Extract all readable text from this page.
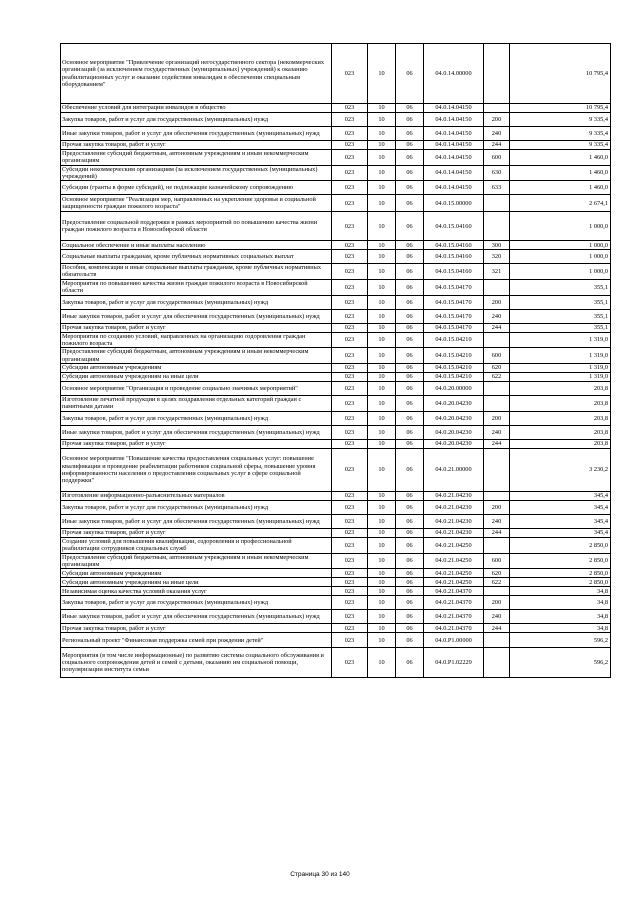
Основное мероприятие "Привлечение организаций негосударственного сектора (некоммерческих организаций (за исключением государственных (муниципальных) учреждений) к оказанию реабилитационных услуг и оказание содействия инвалидам в обеспечении специальным оборудованием"	023	10	06	04.0.14.00000		10 795,4
Обеспечение условий для интеграции инвалидов в общество	023	10	06	04.0.14.04150		10 795,4
Закупка товаров, работ и услуг для государственных (муниципальных) нужд	023	10	06	04.0.14.04150	200	9 335,4
Иные закупки товаров, работ и услуг для обеспечения государственных (муниципальных) нужд	023	10	06	04.0.14.04150	240	9 335,4
Прочая закупка товаров, работ и услуг	023	10	06	04.0.14.04150	244	9 335,4
Предоставление субсидий бюджетным, автономным учреждениям и иным некоммерческим организациям	023	10	06	04.0.14.04150	600	1 460,0
Субсидии некоммерческим организациям (за исключением государственных (муниципальных) учреждений)	023	10	06	04.0.14.04150	630	1 460,0
Субсидии (гранты в форме субсидий), не подлежащие казначейскому сопровождению	023	10	06	04.0.14.04150	633	1 460,0
Основное мероприятие "Реализация мер, направленных на укрепление здоровья и социальной защищенности граждан пожилого возраста"	023	10	06	04.0.15.00000		2 674,1
Предоставление социальной поддержки в рамках мероприятий по повышению качества жизни граждан пожилого возраста в Новосибирской области	023	10	06	04.0.15.04160		1 000,0
Социальное обеспечение и иные выплаты населению	023	10	06	04.0.15.04160	300	1 000,0
Социальные выплаты гражданам, кроме публичных нормативных социальных выплат	023	10	06	04.0.15.04160	320	1 000,0
Пособия, компенсации и иные социальные выплаты гражданам, кроме публичных нормативных обязательств	023	10	06	04.0.15.04160	321	1 000,0
Мероприятия по повышению качества жизни граждан пожилого возраста в Новосибирской области	023	10	06	04.0.15.04170		355,1
Закупка товаров, работ и услуг для государственных (муниципальных) нужд	023	10	06	04.0.15.04170	200	355,1
Иные закупки товаров, работ и услуг для обеспечения государственных (муниципальных) нужд	023	10	06	04.0.15.04170	240	355,1
Прочая закупка товаров, работ и услуг	023	10	06	04.0.15.04170	244	355,1
Мероприятия по созданию условий, направленных на организацию оздоровления граждан пожилого возраста	023	10	06	04.0.15.04210		1 319,0
Предоставление субсидий бюджетным, автономным учреждениям и иным некоммерческим организациям	023	10	06	04.0.15.04210	600	1 319,0
Субсидии автономным учреждениям	023	10	06	04.0.15.04210	620	1 319,0
Субсидии автономным учреждениям на иные цели	023	10	06	04.0.15.04210	622	1 319,0
Основное мероприятие "Организация и проведение социально значимых мероприятий"	023	10	06	04.0.20.00000		203,8
Изготовление печатной продукции в целях поздравления отдельных категорий граждан с памятными датами	023	10	06	04.0.20.04230		203,8
Закупка товаров, работ и услуг для государственных (муниципальных) нужд	023	10	06	04.0.20.04230	200	203,8
Иные закупки товаров, работ и услуг для обеспечения государственных (муниципальных) нужд	023	10	06	04.0.20.04230	240	203,8
Прочая закупка товаров, работ и услуг	023	10	06	04.0.20.04230	244	203,8
Основное мероприятие "Повышение качества предоставления социальных услуг: повышение квалификации и проведение реабилитации работников социальной сферы, повышение уровня информированности населения о предоставлении социальных услуг в сфере социальной поддержки"	023	10	06	04.0.21.00000		3 230,2
Изготовление информационно-разъяснительных материалов	023	10	06	04.0.21.04230		345,4
Закупка товаров, работ и услуг для государственных (муниципальных) нужд	023	10	06	04.0.21.04230	200	345,4
Иные закупки товаров, работ и услуг для обеспечения государственных (муниципальных) нужд	023	10	06	04.0.21.04230	240	345,4
Прочая закупка товаров, работ и услуг	023	10	06	04.0.21.04230	244	345,4
Создание условий для повышения квалификации, оздоровления и профессиональной реабилитации сотрудников социальных служб	023	10	06	04.0.21.04250		2 850,0
Предоставление субсидий бюджетным, автономным учреждениям и иным некоммерческим организациям	023	10	06	04.0.21.04250	600	2 850,0
Субсидии автономным учреждениям	023	10	06	04.0.21.04250	620	2 850,0
Субсидии автономным учреждениям на иные цели	023	10	06	04.0.21.04250	622	2 850,0
Независимая оценка качества условий оказания услуг	023	10	06	04.0.21.04370		34,8
Закупка товаров, работ и услуг для государственных (муниципальных) нужд	023	10	06	04.0.21.04370	200	34,8
Иные закупки товаров, работ и услуг для обеспечения государственных (муниципальных) нужд	023	10	06	04.0.21.04370	240	34,8
Прочая закупка товаров, работ и услуг	023	10	06	04.0.21.04370	244	34,8
Региональный проект "Финансовая поддержка семей при рождении детей"	023	10	06	04.0.P1.00000		596,2
Мероприятия (в том числе информационные) по развитию системы социального обслуживания и социального сопровождения детей и семей с детьми, оказанию им социальной помощи, популяризации института семьи	023	10	06	04.0.P1.02229		596,2
Страница 30 из 140
